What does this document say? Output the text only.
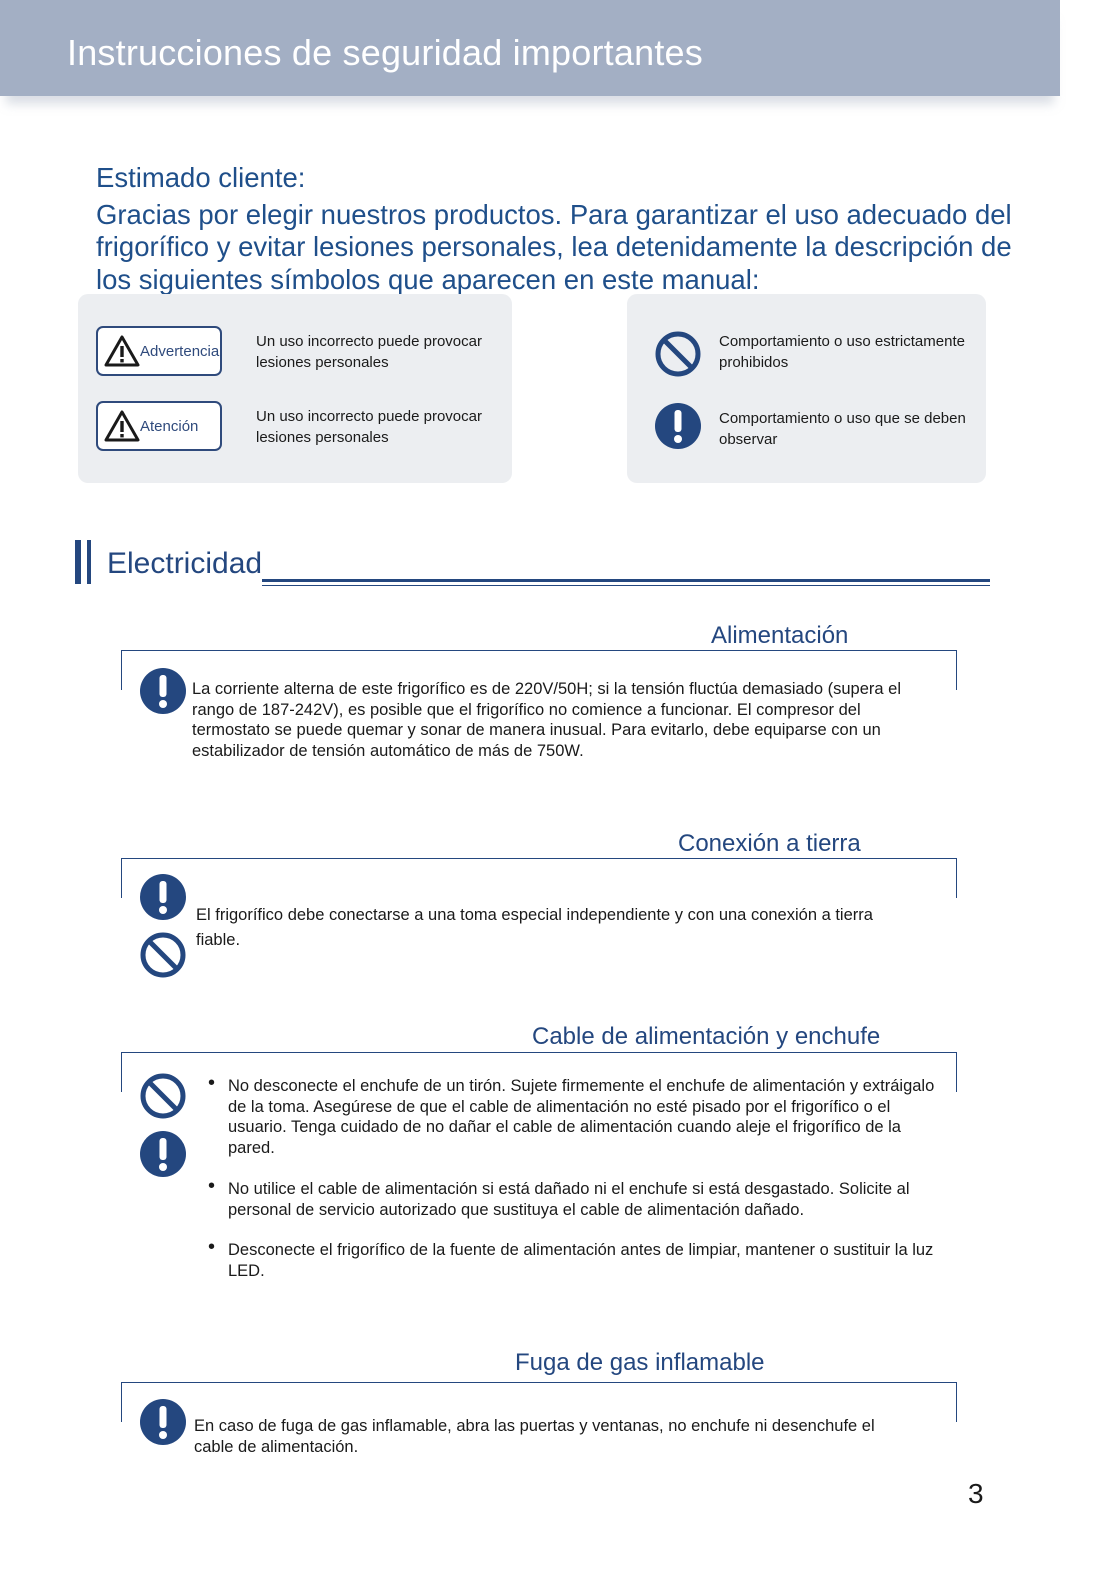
Instrucciones de seguridad importantes
Estimado cliente:
Gracias por elegir nuestros productos. Para garantizar el uso adecuado del frigorífico y evitar lesiones personales, lea detenidamente la descripción de los siguientes símbolos que aparecen en este manual:
Advertencia
Un uso incorrecto puede provocar lesiones personales
Atención
Un uso incorrecto puede provocar lesiones personales
Comportamiento o uso estrictamente prohibidos
Comportamiento o uso que se deben observar
Electricidad
Alimentación
La corriente alterna de este frigorífico es de 220V/50H; si la tensión fluctúa demasiado (supera el rango de 187-242V), es posible que el frigorífico no comience a funcionar. El compresor del termostato se puede quemar y sonar de manera inusual. Para evitarlo, debe equiparse con un estabilizador de tensión automático de más de 750W.
Conexión a tierra
El frigorífico debe conectarse a una toma especial independiente y con una conexión a tierra fiable.
Cable de alimentación y enchufe
• No desconecte el enchufe de un tirón. Sujete firmemente el enchufe de alimentación y extráigalo de la toma. Asegúrese de que el cable de alimentación no esté pisado por el frigorífico o el usuario. Tenga cuidado de no dañar el cable de alimentación cuando aleje el frigorífico de la pared.
• No utilice el cable de alimentación si está dañado ni el enchufe si está desgastado. Solicite al personal de servicio autorizado que sustituya el cable de alimentación dañado.
• Desconecte el frigorífico de la fuente de alimentación antes de limpiar, mantener o sustituir la luz LED.
Fuga de gas inflamable
En caso de fuga de gas inflamable, abra las puertas y ventanas, no enchufe ni desenchufe el cable de alimentación.
3
